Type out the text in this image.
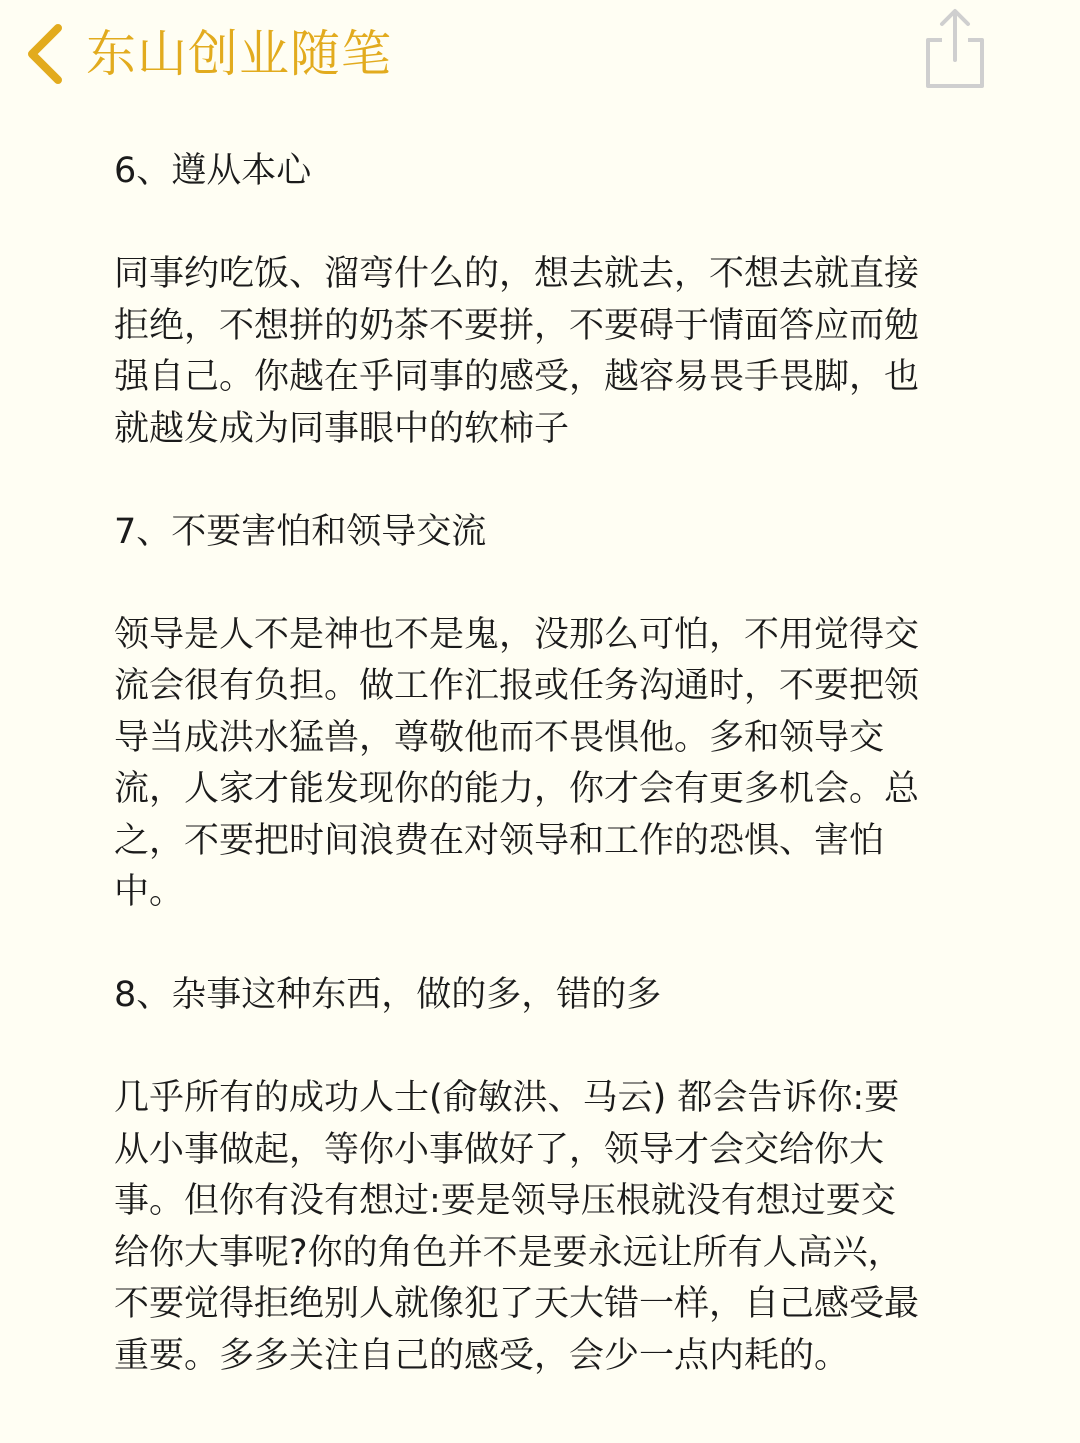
东山创业随笔
6、遵从本心
同事约吃饭、溜弯什么的，想去就去，不想去就直接
拒绝，不想拼的奶茶不要拼，不要碍于情面答应而勉
强自己。你越在乎同事的感受，越容易畏手畏脚，也
就越发成为同事眼中的软柿子
7、不要害怕和领导交流
领导是人不是神也不是鬼，没那么可怕，不用觉得交
流会很有负担。做工作汇报或任务沟通时，不要把领
导当成洪水猛兽，尊敬他而不畏惧他。多和领导交
流，人家才能发现你的能力，你才会有更多机会。总
之，不要把时间浪费在对领导和工作的恐惧、害怕
中。
8、杂事这种东西，做的多，错的多
几乎所有的成功人士(俞敏洪、马云) 都会告诉你:要
从小事做起，等你小事做好了，领导才会交给你大
事。但你有没有想过:要是领导压根就没有想过要交
给你大事呢?你的角色并不是要永远让所有人高兴，
不要觉得拒绝别人就像犯了天大错一样，自己感受最
重要。多多关注自己的感受，会少一点内耗的。
